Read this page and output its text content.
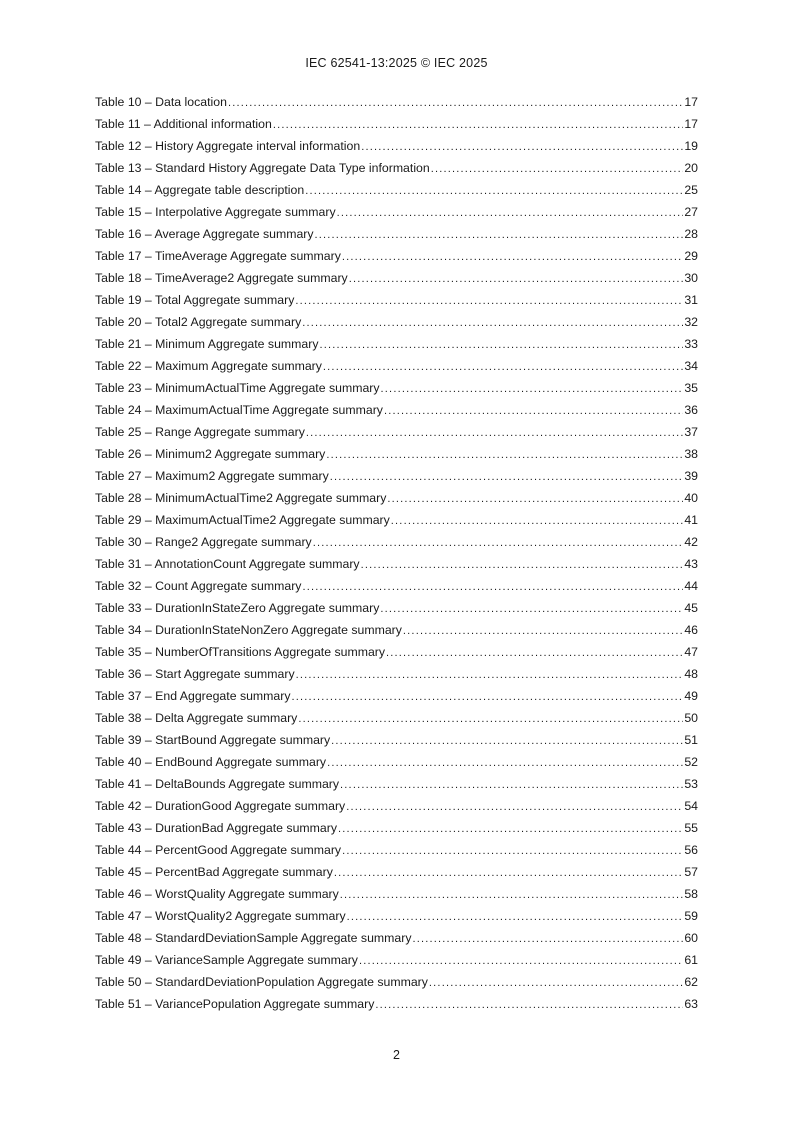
IEC 62541-13:2025 © IEC 2025
Table 10 – Data location .....	17
Table 11 – Additional information .....	17
Table 12 – History Aggregate interval information .....	19
Table 13 – Standard History Aggregate Data Type information .....	20
Table 14 – Aggregate table description .....	25
Table 15 – Interpolative Aggregate summary .....	27
Table 16 – Average Aggregate summary .....	28
Table 17 – TimeAverage Aggregate summary .....	29
Table 18 – TimeAverage2 Aggregate summary .....	30
Table 19 – Total Aggregate summary .....	31
Table 20 – Total2 Aggregate summary .....	32
Table 21 – Minimum Aggregate summary .....	33
Table 22 – Maximum Aggregate summary .....	34
Table 23 – MinimumActualTime Aggregate summary .....	35
Table 24 – MaximumActualTime Aggregate summary .....	36
Table 25 – Range Aggregate summary .....	37
Table 26 – Minimum2 Aggregate summary .....	38
Table 27 – Maximum2 Aggregate summary .....	39
Table 28 – MinimumActualTime2 Aggregate summary .....	40
Table 29 – MaximumActualTime2 Aggregate summary .....	41
Table 30 – Range2 Aggregate summary .....	42
Table 31 – AnnotationCount Aggregate summary .....	43
Table 32 – Count Aggregate summary .....	44
Table 33 – DurationInStateZero Aggregate summary .....	45
Table 34 – DurationInStateNonZero Aggregate summary .....	46
Table 35 – NumberOfTransitions Aggregate summary .....	47
Table 36 – Start Aggregate summary .....	48
Table 37 – End Aggregate summary .....	49
Table 38 – Delta Aggregate summary .....	50
Table 39 – StartBound Aggregate summary .....	51
Table 40 – EndBound Aggregate summary .....	52
Table 41 – DeltaBounds Aggregate summary .....	53
Table 42 – DurationGood Aggregate summary .....	54
Table 43 – DurationBad Aggregate summary .....	55
Table 44 – PercentGood Aggregate summary .....	56
Table 45 – PercentBad Aggregate summary .....	57
Table 46 – WorstQuality Aggregate summary .....	58
Table 47 – WorstQuality2 Aggregate summary .....	59
Table 48 – StandardDeviationSample Aggregate summary .....	60
Table 49 – VarianceSample Aggregate summary .....	61
Table 50 – StandardDeviationPopulation Aggregate summary .....	62
Table 51 – VariancePopulation Aggregate summary .....	63
2
